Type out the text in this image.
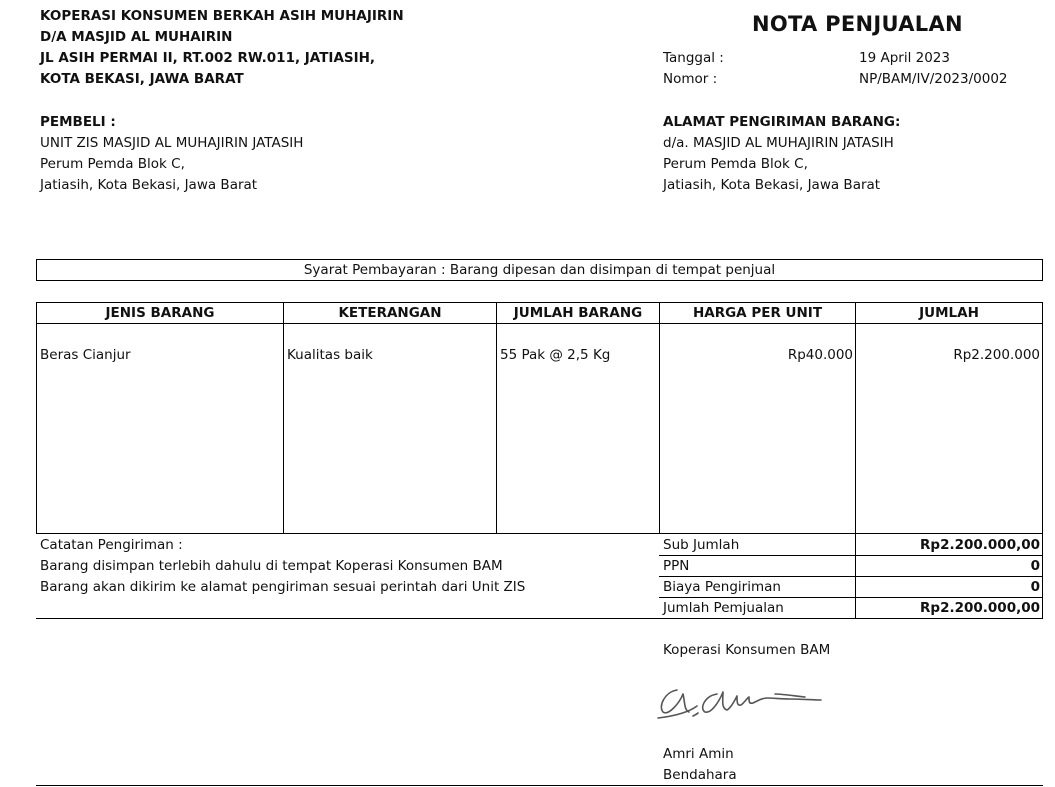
KOPERASI KONSUMEN BERKAH ASIH MUHAJIRIN
D/A MASJID AL MUHAIRIN
JL ASIH PERMAI II, RT.002 RW.011, JATIASIH,
KOTA BEKASI, JAWA BARAT
NOTA PENJUALAN
Tanggal :	19 April 2023
Nomor :	NP/BAM/IV/2023/0002
PEMBELI :
UNIT ZIS MASJID AL MUHAJIRIN JATASIH
Perum Pemda Blok C,
Jatiasih, Kota Bekasi, Jawa Barat
ALAMAT PENGIRIMAN BARANG:
d/a. MASJID AL MUHAJIRIN JATASIH
Perum Pemda Blok C,
Jatiasih, Kota Bekasi, Jawa Barat
Syarat Pembayaran : Barang dipesan dan disimpan di tempat penjual
JENIS BARANG	KETERANGAN	JUMLAH BARANG	HARGA PER UNIT	JUMLAH
Beras Cianjur	Kualitas baik	55 Pak @ 2,5 Kg	Rp40.000	Rp2.200.000
Catatan Pengiriman :
Barang disimpan terlebih dahulu di tempat Koperasi Konsumen BAM
Barang akan dikirim ke alamat pengiriman sesuai perintah dari Unit ZIS
Sub Jumlah	Rp2.200.000,00
PPN	0
Biaya Pengiriman	0
Jumlah Pemjualan	Rp2.200.000,00
Koperasi Konsumen BAM
Amri Amin
Bendahara
